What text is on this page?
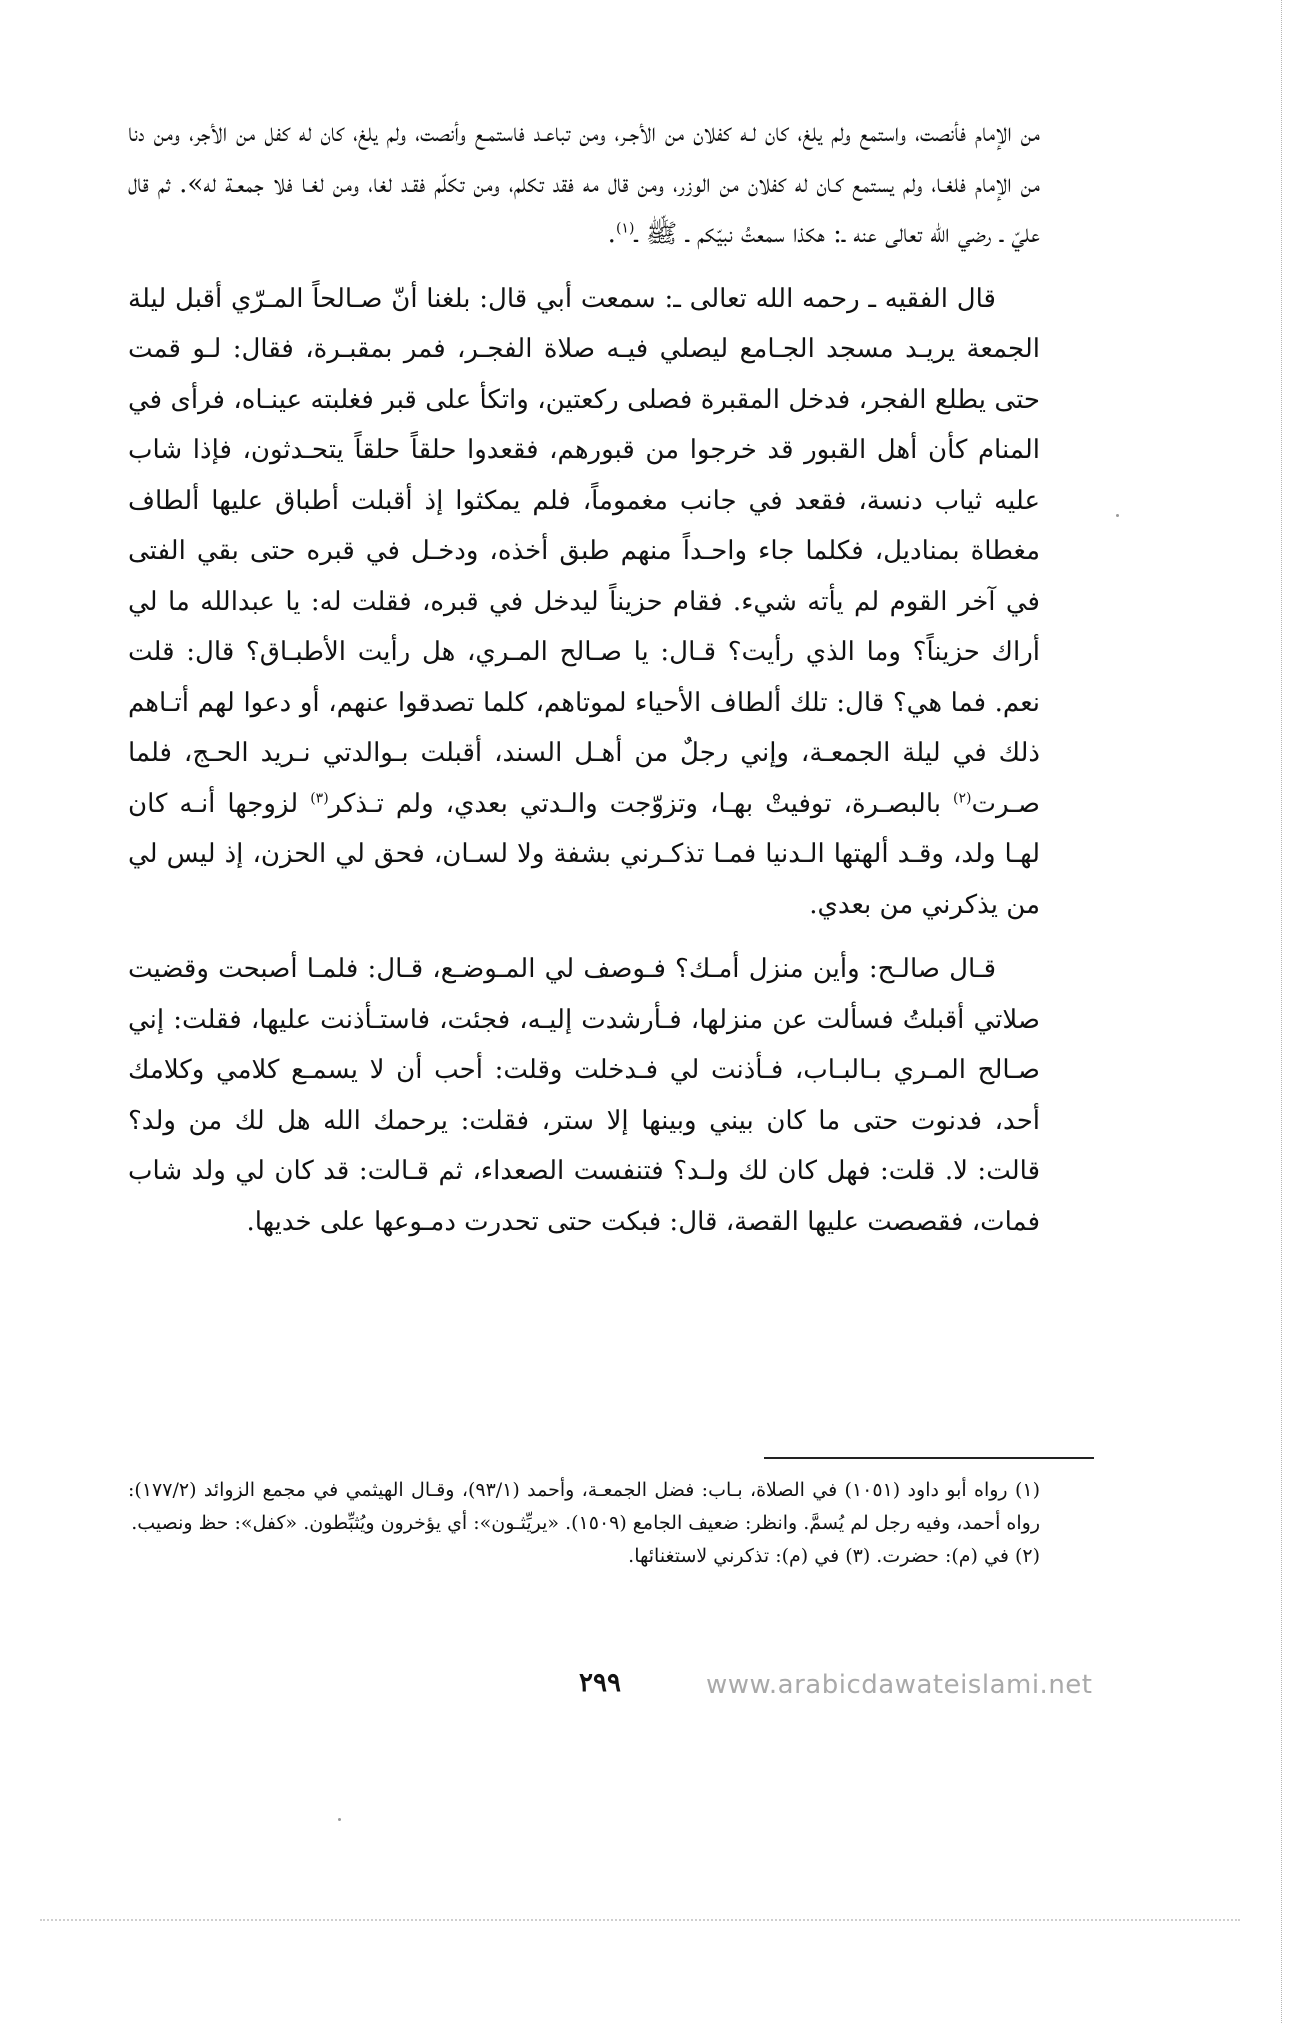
من الإمام فأنصت، واستمع ولم يلغ، كان لـه كفلان من الأجـر، ومن تباعـد فاستمـع وأنصت، ولم يلغ، كان له كفل من الأجر، ومن دنا من الإمام فلغـا، ولم يستمع كـان له كفلان من الوزر، ومن قال مه فقد تكلم، ومن تكلّم فقـد لغا، ومن لغـا فلا جمعـة له». ثم قال عليّ ـ رضي الله تعالى عنه ـ: هكذا سمعتُ نبيّكم ـ ﷺ ـ$^{(١)}$.

قال الفقيه ـ رحمه الله تعالى ـ: سمعت أبي قال: بلغنا أنّ صـالحاً المـرّي أقبل ليلة الجمعة يريـد مسجد الجـامع ليصلي فيـه صلاة الفجـر، فمر بمقبـرة، فقال: لـو قمت حتى يطلع الفجر، فدخل المقبرة فصلى ركعتين، واتكأ على قبر فغلبته عينـاه، فرأى في المنام كأن أهل القبور قد خرجوا من قبورهم، فقعدوا حلقاً حلقاً يتحـدثون، فإذا شاب عليه ثياب دنسة، فقعد في جانب مغموماً، فلم يمكثوا إذ أقبلت أطباق عليها ألطاف مغطاة بمناديل، فكلما جاء واحـداً منهم طبق أخذه، ودخـل في قبره حتى بقي الفتى في آخر القوم لم يأته شيء. فقام حزيناً ليدخل في قبره، فقلت له: يا عبدالله ما لي أراك حزيناً؟ وما الذي رأيت؟ قـال: يا صـالح المـري، هل رأيت الأطبـاق؟ قال: قلت نعم. فما هي؟ قال: تلك ألطاف الأحياء لموتاهم، كلما تصدقوا عنهم، أو دعوا لهم أتـاهم ذلك في ليلة الجمعـة، وإني رجلٌ من أهـل السند، أقبلت بـوالدتي نـريد الحـج، فلما صـرت$^{(٢)}$ بالبصـرة، توفيتْ بهـا، وتزوّجت والـدتي بعدي، ولم تـذكر$^{(٣)}$ لزوجها أنـه كان لهـا ولد، وقـد ألهتها الـدنيا فمـا تذكـرني بشفة ولا لسـان، فحق لي الحزن، إذ ليس لي من يذكرني من بعدي.

قـال صالـح: وأين منزل أمـك؟ فـوصف لي المـوضـع، قـال: فلمـا أصبحت وقضيت صلاتي أقبلتُ فسألت عن منزلها، فـأرشدت إليـه، فجئت، فاستـأذنت عليها، فقلت: إني صـالح المـري بـالبـاب، فـأذنت لي فـدخلت وقلت: أحب أن لا يسمـع كلامي وكلامك أحد، فدنوت حتى ما كان بيني وبينها إلا ستر، فقلت: يرحمك الله هل لك من ولد؟ قالت: لا. قلت: فهل كان لك ولـد؟ فتنفست الصعداء، ثم قـالت: قد كان لي ولد شاب فمات، فقصصت عليها القصة، قال: فبكت حتى تحدرت دمـوعها على خديها.

(١) رواه أبو داود (١٠٥١) في الصلاة، بـاب: فضل الجمعـة، وأحمد (٩٣/١)، وقـال الهيثمي في مجمع الزوائد (١٧٧/٢): رواه أحمد، وفيه رجل لم يُسمَّ. وانظر: ضعيف الجامع (١٥٠٩). «يريِّثـون»: أي يؤخرون ويُثبِّطون. «كفل»: حظ ونصيب.

(٢) في (م): حضرت. (٣) في (م): تذكرني لاستغنائها.

٢٩٩	www.arabicdawateislami.net
